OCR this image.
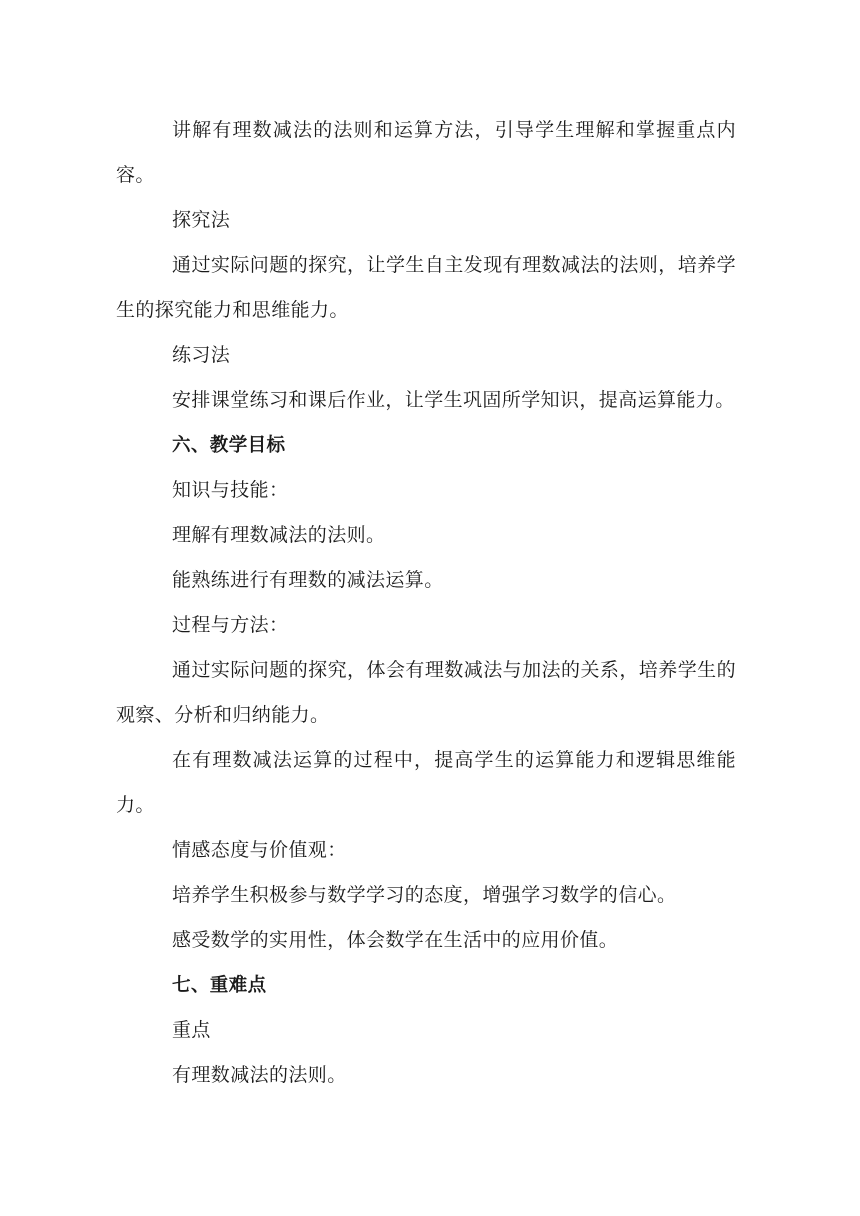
讲解有理数减法的法则和运算方法，引导学生理解和掌握重点内容。

探究法

通过实际问题的探究，让学生自主发现有理数减法的法则，培养学生的探究能力和思维能力。

练习法

安排课堂练习和课后作业，让学生巩固所学知识，提高运算能力。

六、教学目标

知识与技能：

理解有理数减法的法则。

能熟练进行有理数的减法运算。

过程与方法：

通过实际问题的探究，体会有理数减法与加法的关系，培养学生的观察、分析和归纳能力。

在有理数减法运算的过程中，提高学生的运算能力和逻辑思维能力。

情感态度与价值观：

培养学生积极参与数学学习的态度，增强学习数学的信心。

感受数学的实用性，体会数学在生活中的应用价值。

七、重难点

重点

有理数减法的法则。
